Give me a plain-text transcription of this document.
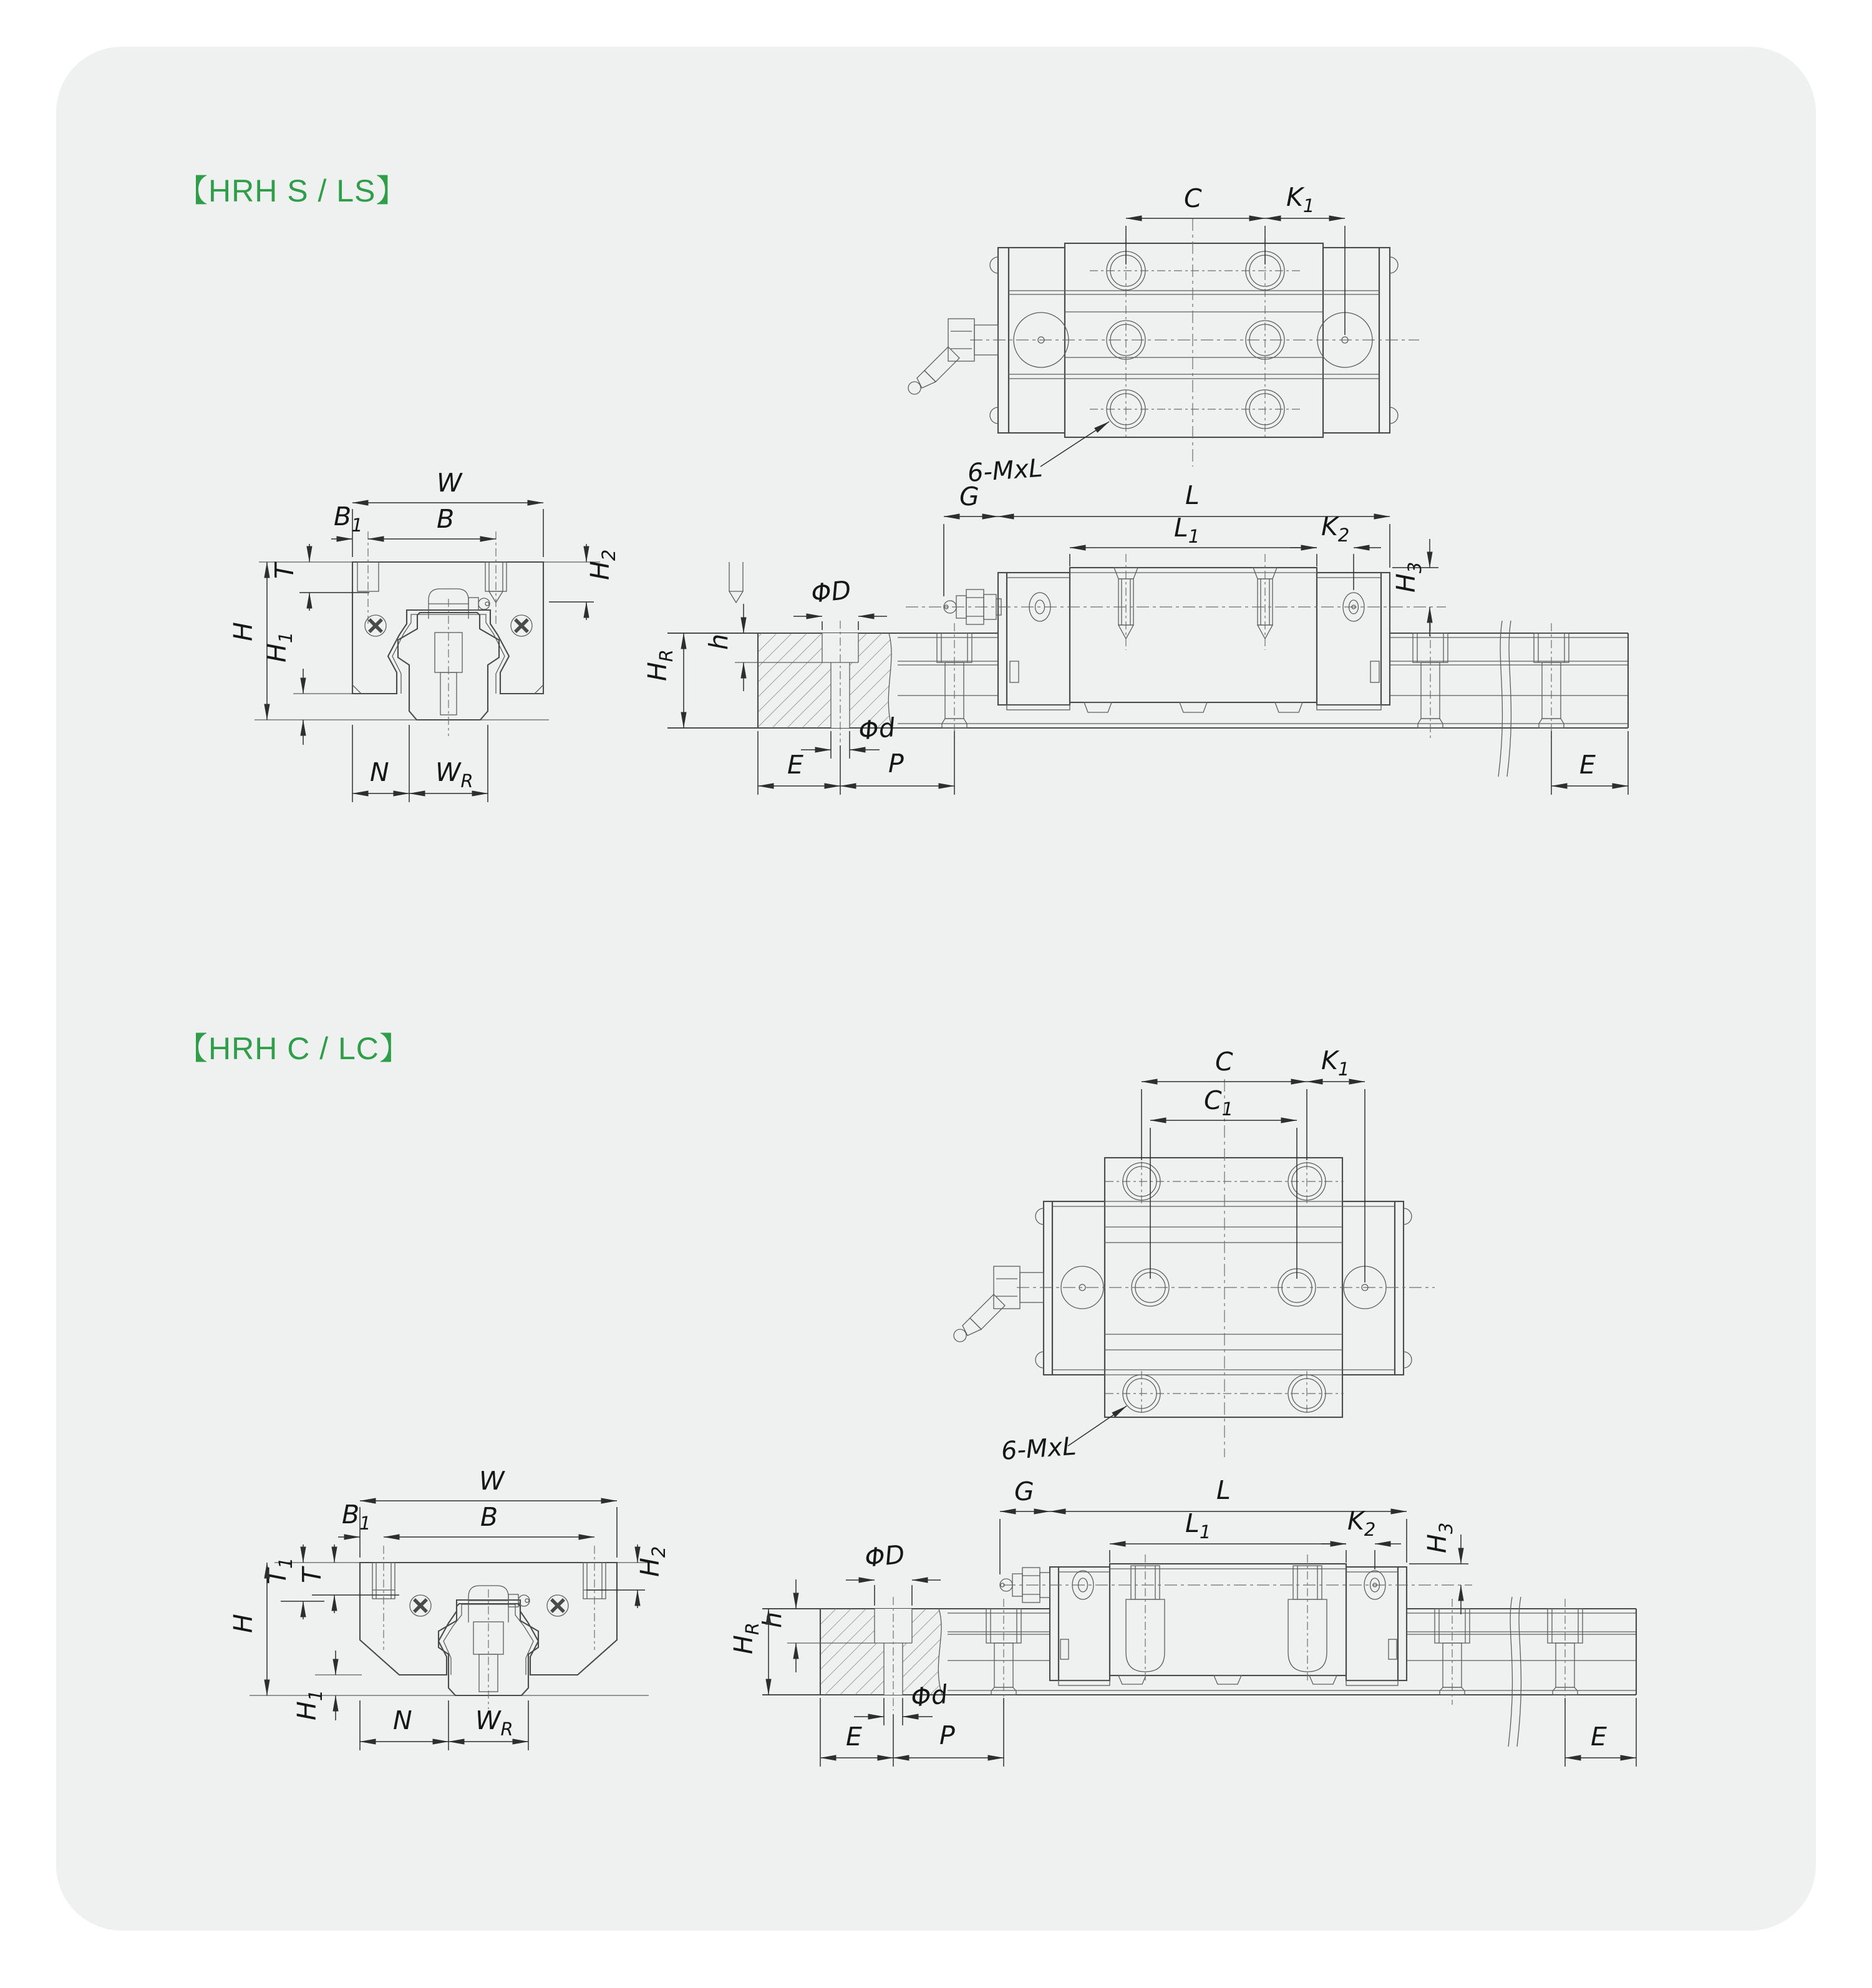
【HRH S / LS】
【HRH C / LC】
C	$K_1$
6-MxL
W
B
$B_1$
T
H
$H_1$
$H_2$
N $W_R$
G	L
$L_1$	$K_2$
$H_3$
ΦD
h
$H_R$
Φd
E	P	E
C	$K_1$
$C_1$
6-MxL
W
B
$B_1$
$T_1$
T
H
$H_1$
$H_2$
N $W_R$
G	L
$L_1$	$K_2$
$H_3$
ΦD
h
$H_R$
Φd
E	P	E
